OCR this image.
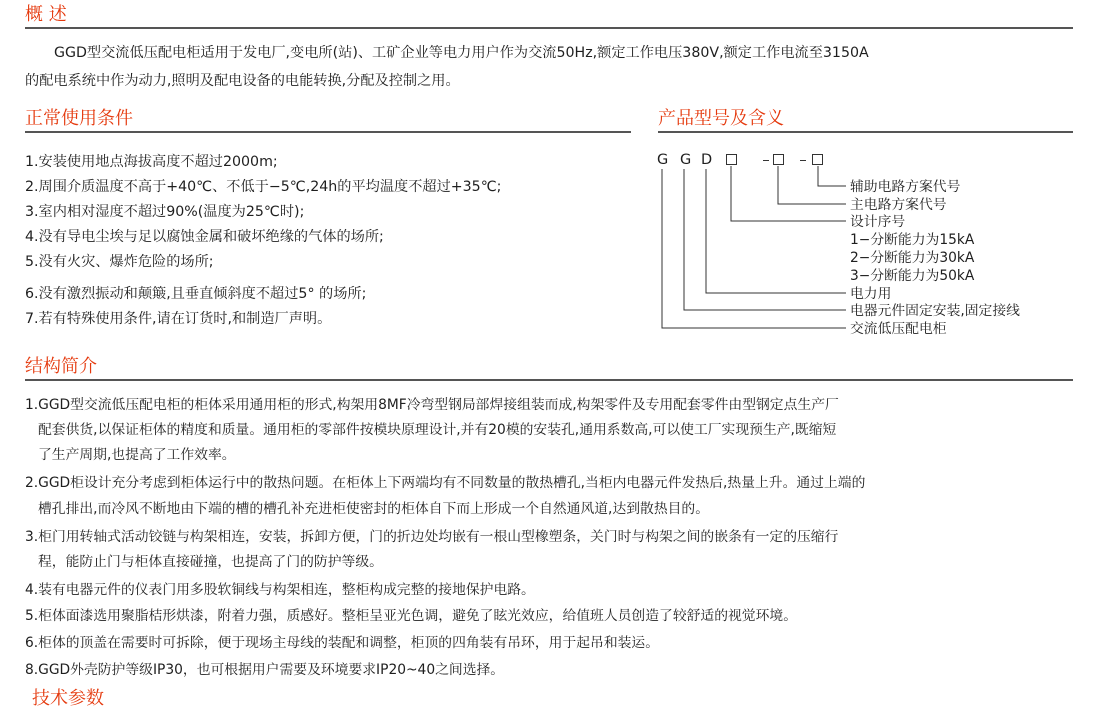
概 述
GGD型交流低压配电柜适用于发电厂,变电所(站)、工矿企业等电力用户作为交流50Hz,额定工作电压380V,额定工作电流至3150A
的配电系统中作为动力,照明及配电设备的电能转换,分配及控制之用。
正常使用条件
1.安装使用地点海拔高度不超过2000m;
2.周围介质温度不高于+40℃、不低于−5℃,24h的平均温度不超过+35℃;
3.室内相对湿度不超过90%(温度为25℃时);
4.没有导电尘埃与足以腐蚀金属和破坏绝缘的气体的场所;
5.没有火灾、爆炸危险的场所;
6.没有激烈振动和颠簸,且垂直倾斜度不超过5° 的场所;
7.若有特殊使用条件,请在订货时,和制造厂声明。
产品型号及含义
G G D
辅助电路方案代号
主电路方案代号
设计序号
1−分断能力为15kA
2−分断能力为30kA
3−分断能力为50kA
电力用
电器元件固定安装,固定接线
交流低压配电柜
结构简介
1.GGD型交流低压配电柜的柜体采用通用柜的形式,构架用8MF冷弯型钢局部焊接组装而成,构架零件及专用配套零件由型钢定点生产厂
配套供货,以保证柜体的精度和质量。通用柜的零部件按模块原理设计,并有20模的安装孔,通用系数高,可以使工厂实现预生产,既缩短
了生产周期,也提高了工作效率。
2.GGD柜设计充分考虑到柜体运行中的散热问题。在柜体上下两端均有不同数量的散热槽孔,当柜内电器元件发热后,热量上升。通过上端的
槽孔排出,而冷风不断地由下端的槽的槽孔补充进柜使密封的柜体自下而上形成一个自然通风道,达到散热目的。
3.柜门用转轴式活动铰链与构架相连，安装，拆卸方便，门的折边处均嵌有一根山型橡塑条，关门时与构架之间的嵌条有一定的压缩行
程，能防止门与柜体直接碰撞，也提高了门的防护等级。
4.装有电器元件的仪表门用多股软铜线与构架相连，整柜构成完整的接地保护电路。
5.柜体面漆选用聚脂桔形烘漆，附着力强，质感好。整柜呈亚光色调，避免了眩光效应，给值班人员创造了较舒适的视觉环境。
6.柜体的顶盖在需要时可拆除，便于现场主母线的装配和调整，柜顶的四角装有吊环，用于起吊和装运。
8.GGD外壳防护等级IP30，也可根据用户需要及环境要求IP20~40之间选择。
技术参数
